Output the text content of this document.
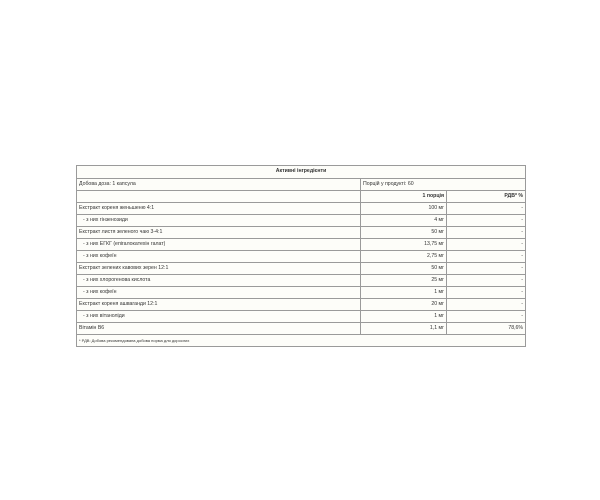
Активні інгредієнти		
Добова доза: 1 капсула	Порцій у продукті: 60	
	1 порція	РДВ* %
Екстракт кореня женьшеню 4:1	100 мг	-
- з них гінзенозиди	4 мг	-
Екстракт листя зеленого чаю 3-4:1	50 мг	-
- з них ЕГКГ (епігалокатехін галат)	13,75 мг	-
- з них кофеїн	2,75 мг	-
Екстракт зелених кавових зерен 12:1	50 мг	-
- з них хлорогенова кислота	25 мг	-
- з них кофеїн	1 мг	-
Екстракт кореня ашваганди 12:1	20 мг	-
- з них вітаноліди	1 мг	-
Вітамін В6	1,1 мг	78,6%
* РДВ: Добова рекомендована добова норма для дорослих		
